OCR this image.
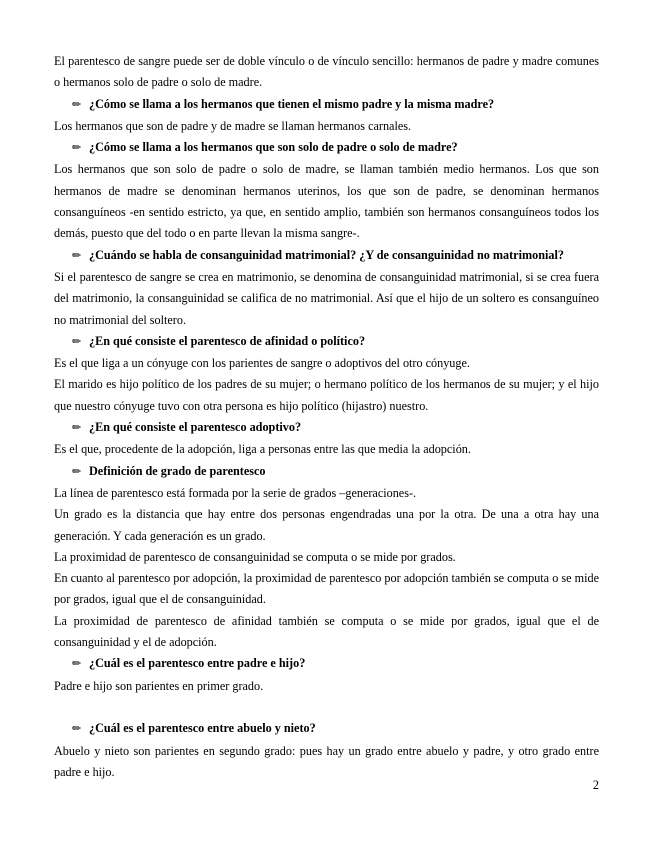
El parentesco de sangre puede ser de doble vínculo o de vínculo sencillo: hermanos de padre y madre comunes o hermanos solo de padre o solo de madre.

✏ ¿Cómo se llama a los hermanos que tienen el mismo padre y la misma madre?

Los hermanos que son de padre y de madre se llaman hermanos carnales.

✏ ¿Cómo se llama a los hermanos que son solo de padre o solo de madre?

Los hermanos que son solo de padre o solo de madre, se llaman también medio hermanos. Los que son hermanos de madre se denominan hermanos uterinos, los que son de padre, se denominan hermanos consanguíneos -en sentido estricto, ya que, en sentido amplio, también son hermanos consanguíneos todos los demás, puesto que del todo o en parte llevan la misma sangre-.

✏ ¿Cuándo se habla de consanguinidad matrimonial? ¿Y de consanguinidad no matrimonial?

Si el parentesco de sangre se crea en matrimonio, se denomina de consanguinidad matrimonial, si se crea fuera del matrimonio, la consanguinidad se califica de no matrimonial. Así que el hijo de un soltero es consanguíneo no matrimonial del soltero.

✏ ¿En qué consiste el parentesco de afinidad o político?

Es el que liga a un cónyuge con los parientes de sangre o adoptivos del otro cónyuge.

El marido es hijo político de los padres de su mujer; o hermano político de los hermanos de su mujer; y el hijo que nuestro cónyuge tuvo con otra persona es hijo político (hijastro) nuestro.

✏ ¿En qué consiste el parentesco adoptivo?

Es el que, procedente de la adopción, liga a personas entre las que media la adopción.

✏ Definición de grado de parentesco

La línea de parentesco está formada por la serie de grados –generaciones-.

Un grado es la distancia que hay entre dos personas engendradas una por la otra. De una a otra hay una generación. Y cada generación es un grado.

La proximidad de parentesco de consanguinidad se computa o se mide por grados.

En cuanto al parentesco por adopción, la proximidad de parentesco por adopción también se computa o se mide por grados, igual que el de consanguinidad.

La proximidad de parentesco de afinidad también se computa o se mide por grados, igual que el de consanguinidad y el de adopción.

✏ ¿Cuál es el parentesco entre padre e hijo?

Padre e hijo son parientes en primer grado.

✏ ¿Cuál es el parentesco entre abuelo y nieto?

Abuelo y nieto son parientes en segundo grado: pues hay un grado entre abuelo y padre, y otro grado entre padre e hijo.

2
